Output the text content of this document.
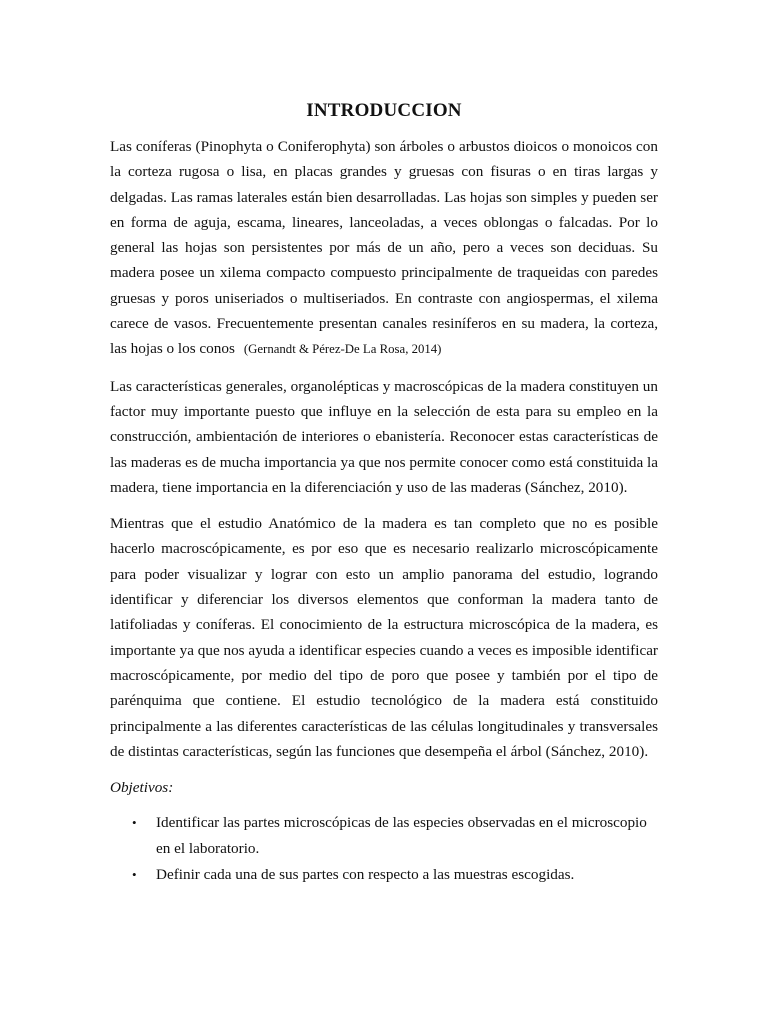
INTRODUCCION

Las coníferas (Pinophyta o Coniferophyta) son árboles o arbustos dioicos o monoicos con la corteza rugosa o lisa, en placas grandes y gruesas con fisuras o en tiras largas y delgadas. Las ramas laterales están bien desarrolladas. Las hojas son simples y pueden ser en forma de aguja, escama, lineares, lanceoladas, a veces oblongas o falcadas. Por lo general las hojas son persistentes por más de un año, pero a veces son deciduas. Su madera posee un xilema compacto compuesto principalmente de traqueidas con paredes gruesas y poros uniseriados o multiseriados. En contraste con angiospermas, el xilema carece de vasos. Frecuentemente presentan canales resiníferos en su madera, la corteza, las hojas o los conos (Gernandt & Pérez-De La Rosa, 2014)

Las características generales, organolépticas y macroscópicas de la madera constituyen un factor muy importante puesto que influye en la selección de esta para su empleo en la construcción, ambientación de interiores o ebanistería. Reconocer estas características de las maderas es de mucha importancia ya que nos permite conocer como está constituida la madera, tiene importancia en la diferenciación y uso de las maderas (Sánchez, 2010).

Mientras que el estudio Anatómico de la madera es tan completo que no es posible hacerlo macroscópicamente, es por eso que es necesario realizarlo microscópicamente para poder visualizar y lograr con esto un amplio panorama del estudio, logrando identificar y diferenciar los diversos elementos que conforman la madera tanto de latifoliadas y coníferas. El conocimiento de la estructura microscópica de la madera, es importante ya que nos ayuda a identificar especies cuando a veces es imposible identificar macroscópicamente, por medio del tipo de poro que posee y también por el tipo de parénquima que contiene. El estudio tecnológico de la madera está constituido principalmente a las diferentes características de las células longitudinales y transversales de distintas características, según las funciones que desempeña el árbol (Sánchez, 2010).

Objetivos:

• Identificar las partes microscópicas de las especies observadas en el microscopio en el laboratorio.
• Definir cada una de sus partes con respecto a las muestras escogidas.
